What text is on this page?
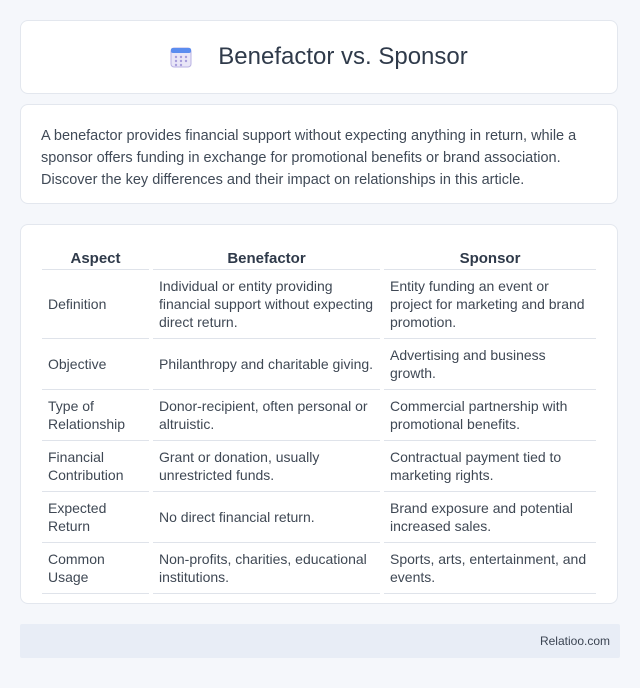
Benefactor vs. Sponsor

A benefactor provides financial support without expecting anything in return, while a sponsor offers funding in exchange for promotional benefits or brand association. Discover the key differences and their impact on relationships in this article.

Aspect	Benefactor	Sponsor
Definition	Individual or entity providing financial support without expecting direct return.	Entity funding an event or project for marketing and brand promotion.
Objective	Philanthropy and charitable giving.	Advertising and business growth.
Type of Relationship	Donor-recipient, often personal or altruistic.	Commercial partnership with promotional benefits.
Financial Contribution	Grant or donation, usually unrestricted funds.	Contractual payment tied to marketing rights.
Expected Return	No direct financial return.	Brand exposure and potential increased sales.
Common Usage	Non-profits, charities, educational institutions.	Sports, arts, entertainment, and events.
Relatioo.com
